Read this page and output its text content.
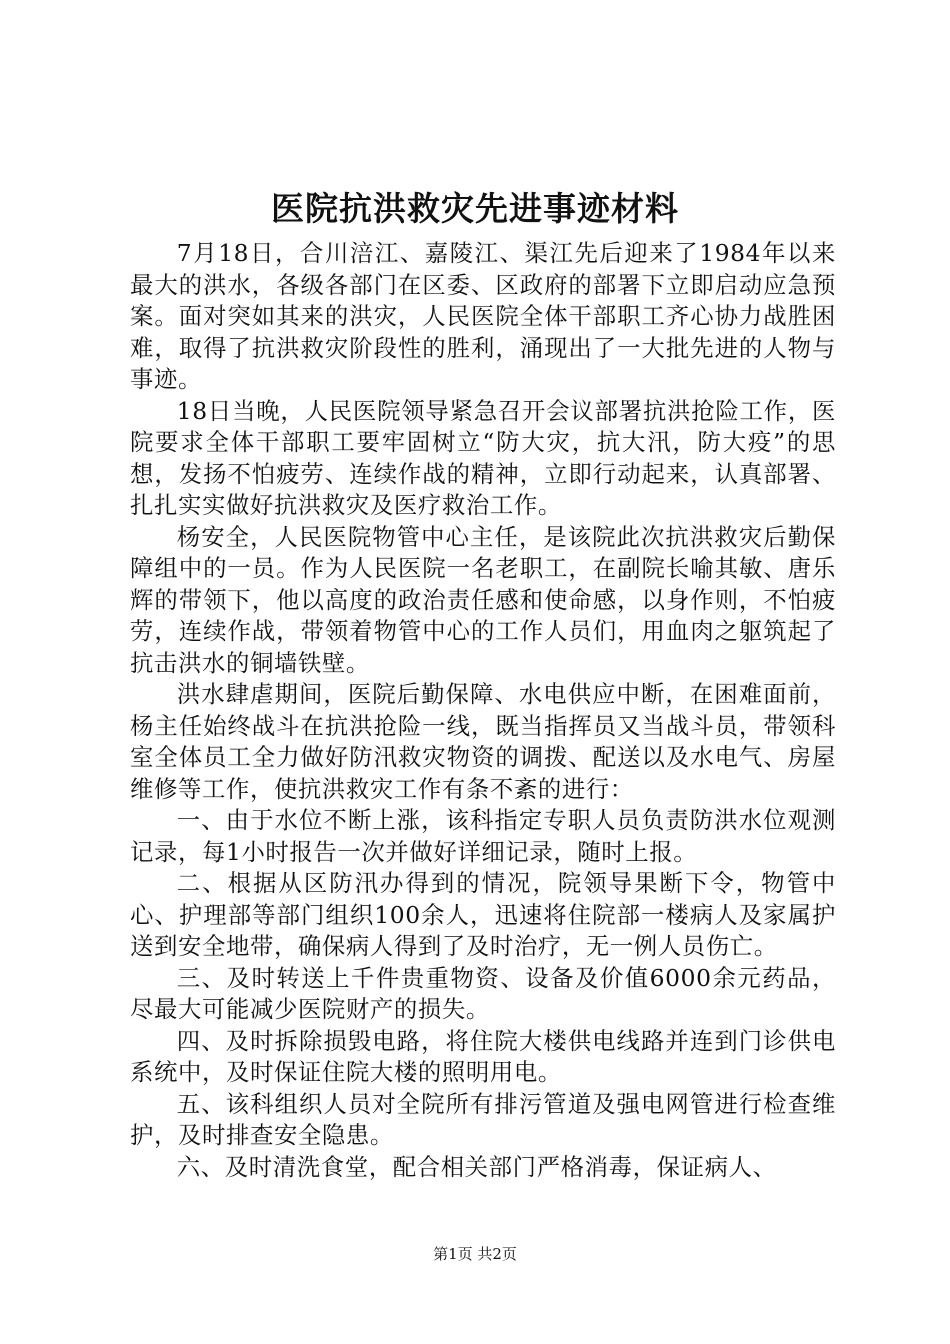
医院抗洪救灾先进事迹材料

7月18日，合川涪江、嘉陵江、渠江先后迎来了1984年以来最大的洪水，各级各部门在区委、区政府的部署下立即启动应急预案。面对突如其来的洪灾，人民医院全体干部职工齐心协力战胜困难，取得了抗洪救灾阶段性的胜利，涌现出了一大批先进的人物与事迹。

18日当晚，人民医院领导紧急召开会议部署抗洪抢险工作，医院要求全体干部职工要牢固树立“防大灾，抗大汛，防大疫”的思想，发扬不怕疲劳、连续作战的精神，立即行动起来，认真部署、扎扎实实做好抗洪救灾及医疗救治工作。

杨安全，人民医院物管中心主任，是该院此次抗洪救灾后勤保障组中的一员。作为人民医院一名老职工，在副院长喻其敏、唐乐辉的带领下，他以高度的政治责任感和使命感，以身作则，不怕疲劳，连续作战，带领着物管中心的工作人员们，用血肉之躯筑起了抗击洪水的铜墙铁壁。

洪水肆虐期间，医院后勤保障、水电供应中断，在困难面前，杨主任始终战斗在抗洪抢险一线，既当指挥员又当战斗员，带领科室全体员工全力做好防汛救灾物资的调拨、配送以及水电气、房屋维修等工作，使抗洪救灾工作有条不紊的进行：

一、由于水位不断上涨，该科指定专职人员负责防洪水位观测记录，每1小时报告一次并做好详细记录，随时上报。

二、根据从区防汛办得到的情况，院领导果断下令，物管中心、护理部等部门组织100余人，迅速将住院部一楼病人及家属护送到安全地带，确保病人得到了及时治疗，无一例人员伤亡。

三、及时转送上千件贵重物资、设备及价值6000余元药品，尽最大可能减少医院财产的损失。

四、及时拆除损毁电路，将住院大楼供电线路并连到门诊供电系统中，及时保证住院大楼的照明用电。

五、该科组织人员对全院所有排污管道及强电网管进行检查维护，及时排查安全隐患。

六、及时清洗食堂，配合相关部门严格消毒，保证病人、

第1页 共2页
